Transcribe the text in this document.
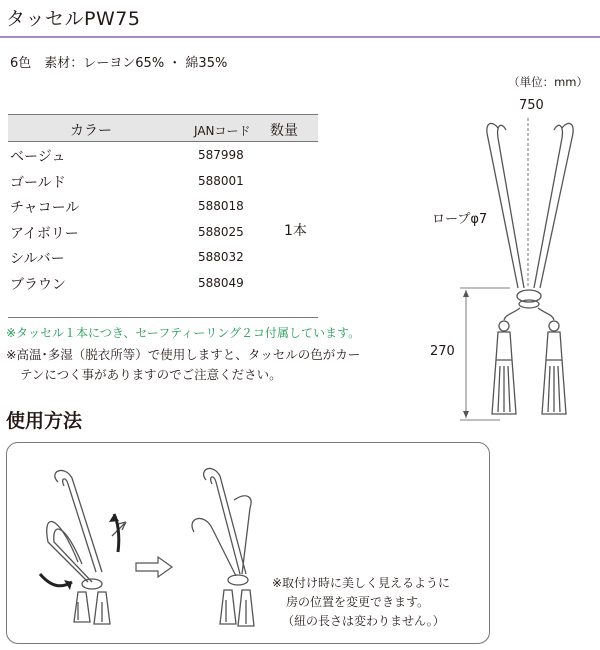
タッセルPW75
6色　素材：レーヨン65% ・ 綿35%
（単位：mm）
カラー	JANコード 数量
ベージュ	587998
ゴールド	588001
チャコール	588018
アイボリー	588025
シルバー	588032
ブラウン	588049
1本
※タッセル１本につき、セーフティーリング２コ付属しています。
※高温･多湿（脱衣所等）で使用しますと、タッセルの色がカー
テンにつく事がありますのでご注意ください。
750
ロープφ7
270
使用方法
※取付け時に美しく見えるように
房の位置を変更できます。
（紐の長さは変わりません。）
